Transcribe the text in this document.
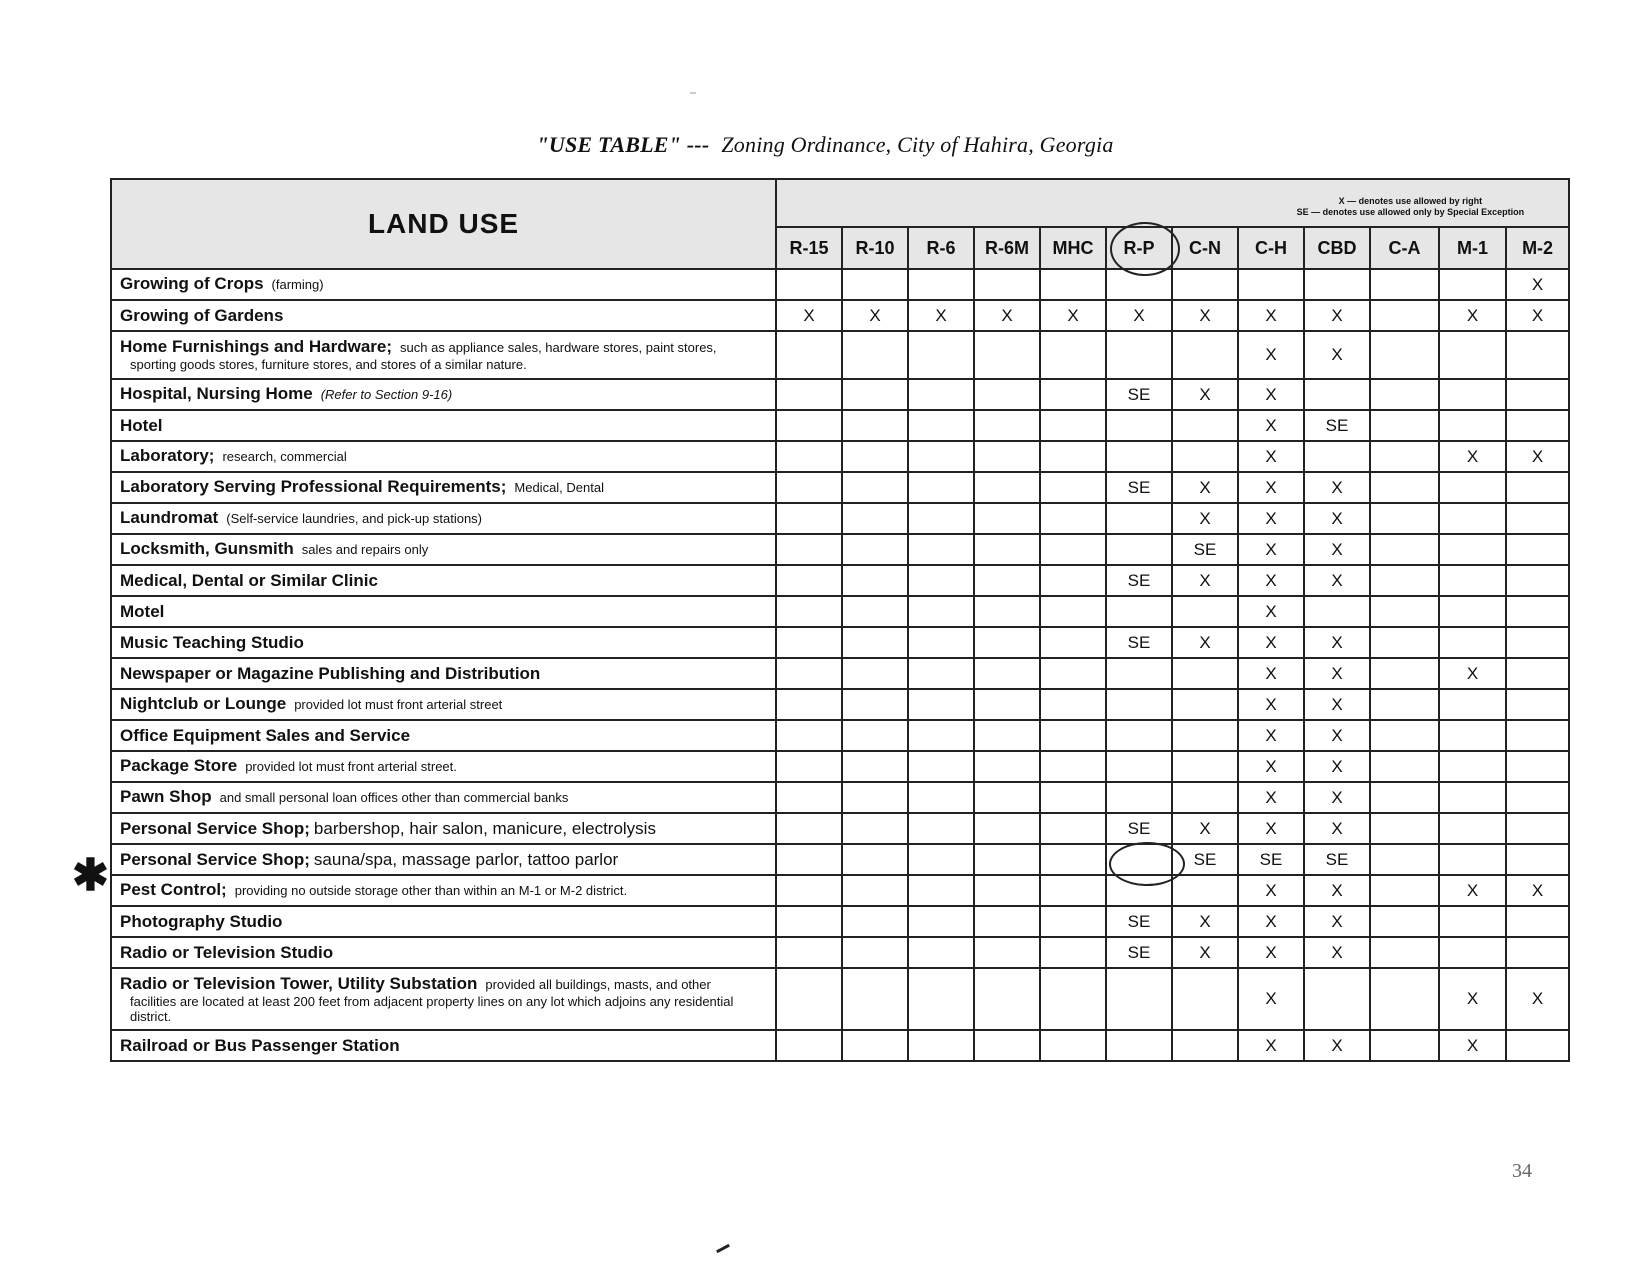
"USE TABLE" --- Zoning Ordinance, City of Hahira, Georgia
LAND USE	X — denotes use allowed by right
SE — denotes use allowed only by Special Exception											

	R-15	R-10	R-6	R-6M	MHC	R-P	C-N	C-H	CBD	C-A	M-1	M-2
Growing of Crops (farming)												X
Growing of Gardens	X	X	X	X	X	X	X	X	X		X	X
Home Furnishings and Hardware; such as appliance sales, hardware stores, paint stores,
sporting goods stores, furniture stores, and stores of a similar nature.								X	X			
Hospital, Nursing Home (Refer to Section 9-16)						SE	X	X				
Hotel								X	SE			
Laboratory; research, commercial								X			X	X
Laboratory Serving Professional Requirements; Medical, Dental						SE	X	X	X			
Laundromat (Self-service laundries, and pick-up stations)							X	X	X			
Locksmith, Gunsmith sales and repairs only							SE	X	X			
Medical, Dental or Similar Clinic						SE	X	X	X			
Motel								X				
Music Teaching Studio						SE	X	X	X			
Newspaper or Magazine Publishing and Distribution								X	X		X	
Nightclub or Lounge provided lot must front arterial street								X	X			
Office Equipment Sales and Service								X	X			
Package Store provided lot must front arterial street.								X	X			
Pawn Shop and small personal loan offices other than commercial banks								X	X			
Personal Service Shop; barbershop, hair salon, manicure, electrolysis						SE	X	X	X			
Personal Service Shop; sauna/spa, massage parlor, tattoo parlor							SE	SE	SE			
Pest Control; providing no outside storage other than within an M-1 or M-2 district.								X	X		X	X
Photography Studio						SE	X	X	X			
Radio or Television Studio						SE	X	X	X			
Radio or Television Tower, Utility Substation provided all buildings, masts, and other
facilities are located at least 200 feet from adjacent property lines on any lot which adjoins any residential district.								X			X	X
Railroad or Bus Passenger Station								X	X		X	
✱
34
